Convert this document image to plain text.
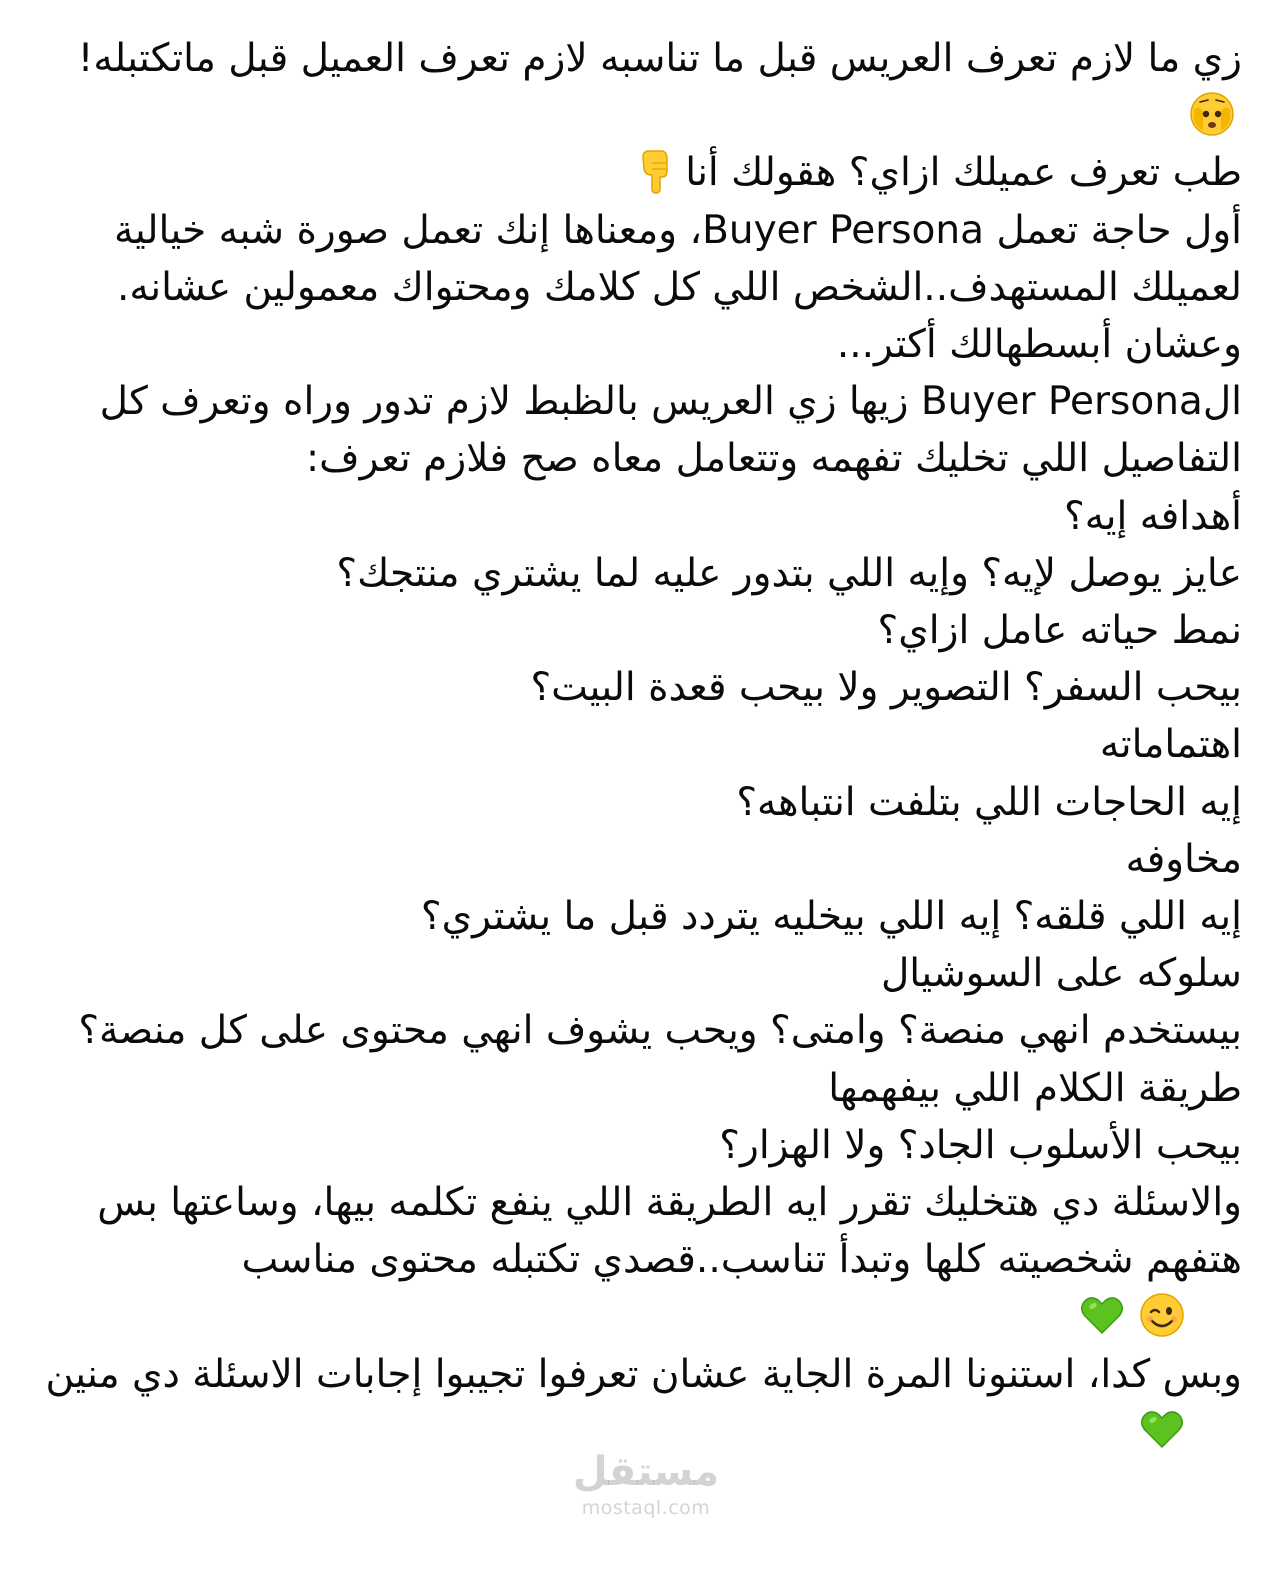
زي ما لازم تعرف العريس قبل ما تناسبه لازم تعرف العميل قبل ماتكتبله!

طب تعرف عميلك ازاي؟ هقولك أنا

أول حاجة تعمل Buyer Persona، ومعناها إنك تعمل صورة شبه خيالية لعميلك المستهدف..الشخص اللي كل كلامك ومحتواك معمولين عشانه.

وعشان أبسطهالك أكتر...

الBuyer Persona زيها زي العريس بالظبط لازم تدور وراه وتعرف كل التفاصيل اللي تخليك تفهمه وتتعامل معاه صح فلازم تعرف:

أهدافه إيه؟

عايز يوصل لإيه؟ وإيه اللي بتدور عليه لما يشتري منتجك؟

نمط حياته عامل ازاي؟

بيحب السفر؟ التصوير ولا بيحب قعدة البيت؟

اهتماماته

إيه الحاجات اللي بتلفت انتباهه؟

مخاوفه

إيه اللي قلقه؟ إيه اللي بيخليه يتردد قبل ما يشتري؟

سلوكه على السوشيال

بيستخدم انهي منصة؟ وامتى؟ ويحب يشوف انهي محتوى على كل منصة؟

طريقة الكلام اللي بيفهمها

بيحب الأسلوب الجاد؟ ولا الهزار؟

والاسئلة دي هتخليك تقرر ايه الطريقة اللي ينفع تكلمه بيها، وساعتها بس هتفهم شخصيته كلها وتبدأ تناسب..قصدي تكتبله محتوى مناسب

وبس كدا، استنونا المرة الجاية عشان تعرفوا تجيبوا إجابات الاسئلة دي منين

مستقل
mostaql.com
